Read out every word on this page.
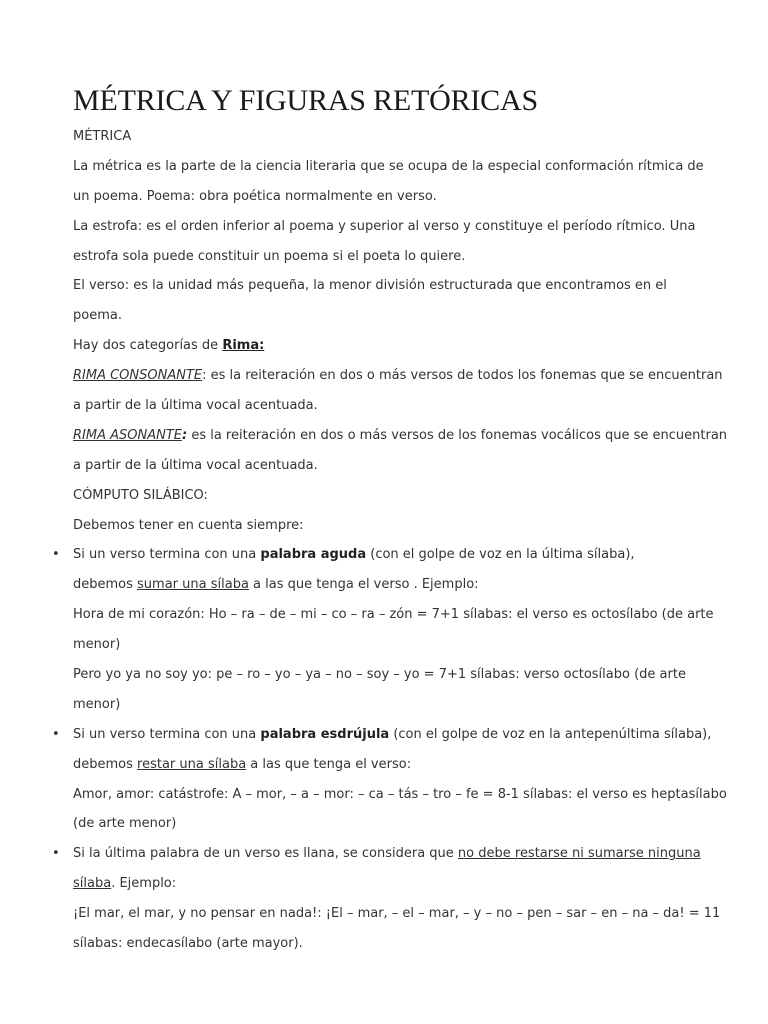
MÉTRICA Y FIGURAS RETÓRICAS
MÉTRICA
La métrica es la parte de la ciencia literaria que se ocupa de la especial conformación rítmica de
un poema. Poema: obra poética normalmente en verso.
La estrofa: es el orden inferior al poema y superior al verso y constituye el período rítmico. Una
estrofa sola puede constituir un poema si el poeta lo quiere.
El verso: es la unidad más pequeña, la menor división estructurada que encontramos en el
poema.
Hay dos categorías de Rima:
RIMA CONSONANTE: es la reiteración en dos o más versos de todos los fonemas que se encuentran
a partir de la última vocal acentuada.
RIMA ASONANTE: es la reiteración en dos o más versos de los fonemas vocálicos que se encuentran
a partir de la última vocal acentuada.
CÓMPUTO SILÁBICO:
Debemos tener en cuenta siempre:
• Si un verso termina con una palabra aguda (con el golpe de voz en la última sílaba),
debemos sumar una sílaba a las que tenga el verso . Ejemplo:
Hora de mi corazón: Ho – ra – de – mi – co – ra – zón = 7+1 sílabas: el verso es octosílabo (de arte
menor)
Pero yo ya no soy yo: pe – ro – yo – ya – no – soy – yo = 7+1 sílabas: verso octosílabo (de arte
menor)
• Si un verso termina con una palabra esdrújula (con el golpe de voz en la antepenúltima sílaba),
debemos restar una sílaba a las que tenga el verso:
Amor, amor: catástrofe: A – mor, – a – mor: – ca – tás – tro – fe = 8-1 sílabas: el verso es heptasílabo
(de arte menor)
• Si la última palabra de un verso es llana, se considera que no debe restarse ni sumarse ninguna
sílaba. Ejemplo:
¡El mar, el mar, y no pensar en nada!: ¡El – mar, – el – mar, – y – no – pen – sar – en – na – da! = 11
sílabas: endecasílabo (arte mayor).
